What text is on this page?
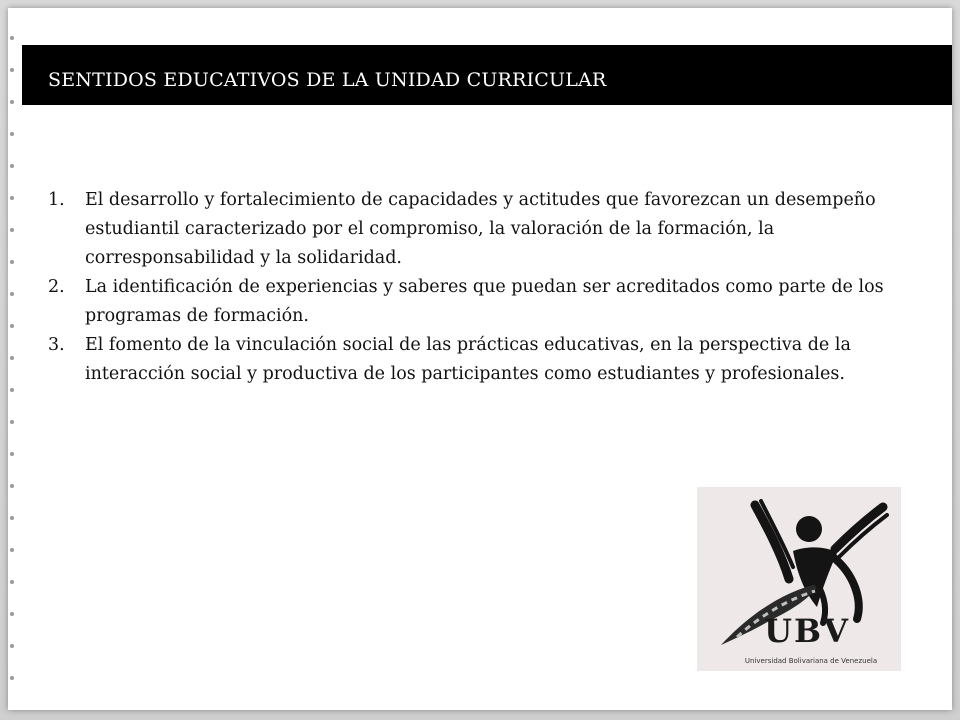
SENTIDOS EDUCATIVOS DE LA UNIDAD CURRICULAR
1. El desarrollo y fortalecimiento de capacidades y actitudes que favorezcan un desempeño estudiantil caracterizado por el compromiso, la valoración de la formación, la corresponsabilidad y la solidaridad.
2. La identificación de experiencias y saberes que puedan ser acreditados como parte de los programas de formación.
3. El fomento de la vinculación social de las prácticas educativas, en la perspectiva de la interacción social y productiva de los participantes como estudiantes y profesionales.
UBV
Universidad Bolivariana de Venezuela
